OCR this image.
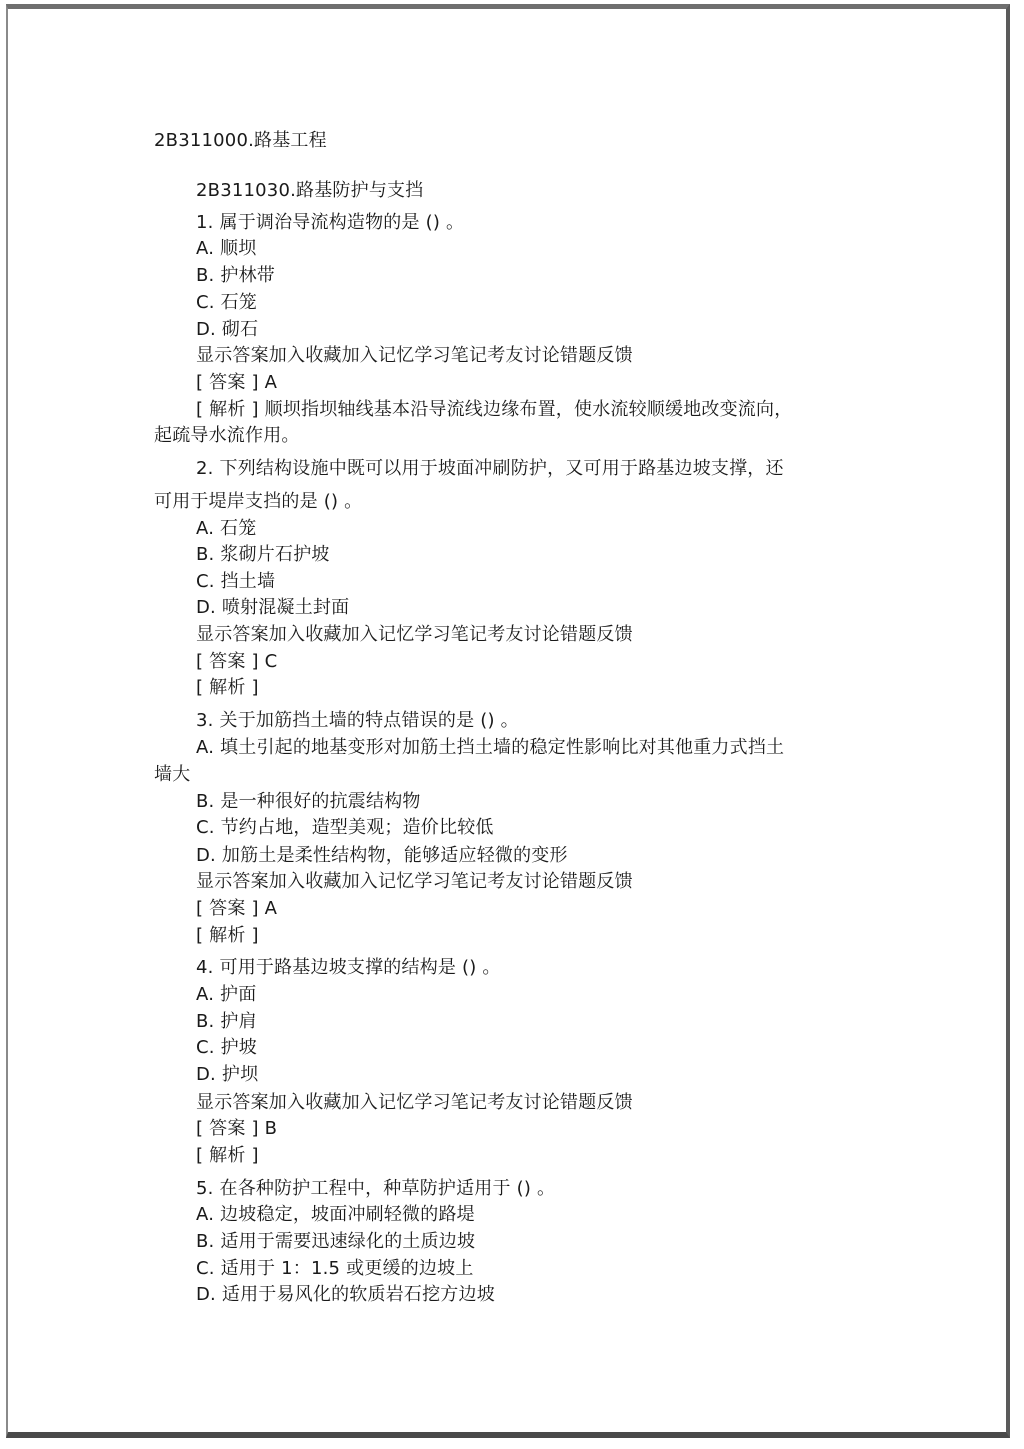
2B311000.路基工程
2B311030.路基防护与支挡
1. 属于调治导流构造物的是 () 。
A. 顺坝
B. 护林带
C. 石笼
D. 砌石
显示答案加入收藏加入记忆学习笔记考友讨论错题反馈
[ 答案 ] A
[ 解析 ] 顺坝指坝轴线基本沿导流线边缘布置，使水流较顺缓地改变流向，
起疏导水流作用。
2. 下列结构设施中既可以用于坡面冲刷防护，又可用于路基边坡支撑，还
可用于堤岸支挡的是 () 。
A. 石笼
B. 浆砌片石护坡
C. 挡土墙
D. 喷射混凝土封面
显示答案加入收藏加入记忆学习笔记考友讨论错题反馈
[ 答案 ] C
[ 解析 ]
3. 关于加筋挡土墙的特点错误的是 () 。
A. 填土引起的地基变形对加筋土挡土墙的稳定性影响比对其他重力式挡土
墙大
B. 是一种很好的抗震结构物
C. 节约占地，造型美观；造价比较低
D. 加筋土是柔性结构物，能够适应轻微的变形
显示答案加入收藏加入记忆学习笔记考友讨论错题反馈
[ 答案 ] A
[ 解析 ]
4. 可用于路基边坡支撑的结构是 () 。
A. 护面
B. 护肩
C. 护坡
D. 护坝
显示答案加入收藏加入记忆学习笔记考友讨论错题反馈
[ 答案 ] B
[ 解析 ]
5. 在各种防护工程中，种草防护适用于 () 。
A. 边坡稳定，坡面冲刷轻微的路堤
B. 适用于需要迅速绿化的土质边坡
C. 适用于 1：1.5 或更缓的边坡上
D. 适用于易风化的软质岩石挖方边坡
